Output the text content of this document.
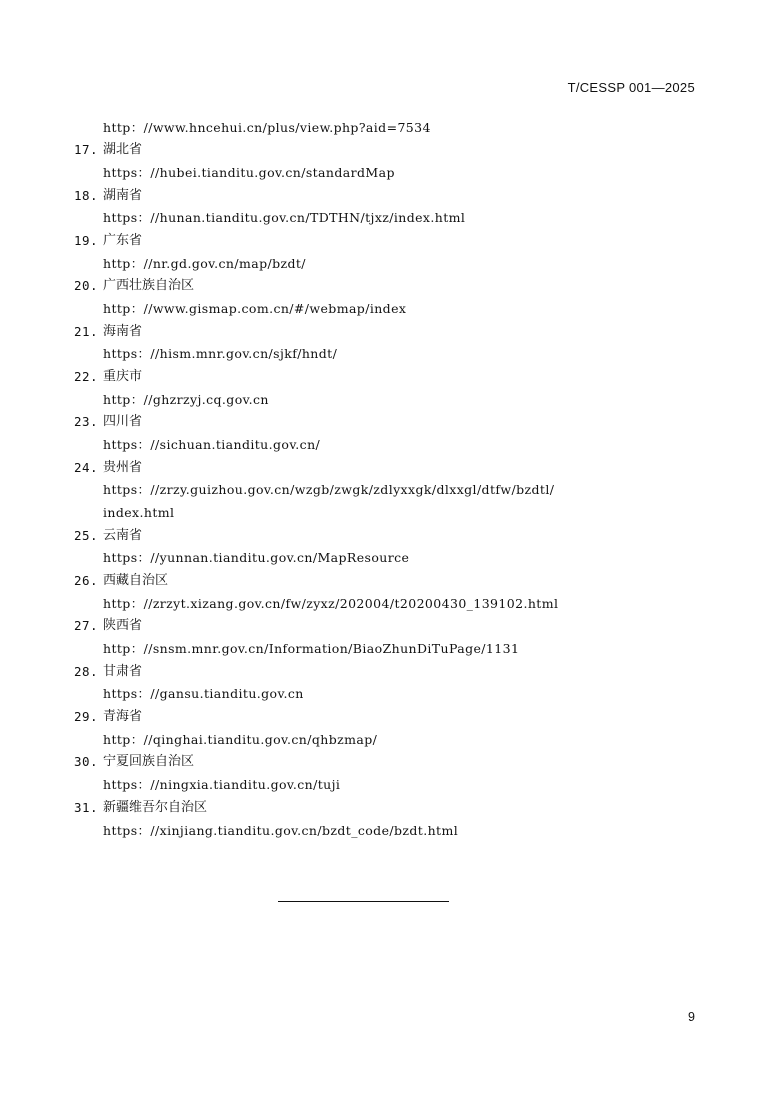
T/CESSP 001—2025
http：//www.hncehui.cn/plus/view.php?aid=7534
17. 湖北省
https：//hubei.tianditu.gov.cn/standardMap
18. 湖南省
https：//hunan.tianditu.gov.cn/TDTHN/tjxz/index.html
19. 广东省
http：//nr.gd.gov.cn/map/bzdt/
20. 广西壮族自治区
http：//www.gismap.com.cn/#/webmap/index
21. 海南省
https：//hism.mnr.gov.cn/sjkf/hndt/
22. 重庆市
http：//ghzrzyj.cq.gov.cn
23. 四川省
https：//sichuan.tianditu.gov.cn/
24. 贵州省
https：//zrzy.guizhou.gov.cn/wzgb/zwgk/zdlyxxgk/dlxxgl/dtfw/bzdtl/
index.html
25. 云南省
https：//yunnan.tianditu.gov.cn/MapResource
26. 西藏自治区
http：//zrzyt.xizang.gov.cn/fw/zyxz/202004/t20200430_139102.html
27. 陕西省
http：//snsm.mnr.gov.cn/Information/BiaoZhunDiTuPage/1131
28. 甘肃省
https：//gansu.tianditu.gov.cn
29. 青海省
http：//qinghai.tianditu.gov.cn/qhbzmap/
30. 宁夏回族自治区
https：//ningxia.tianditu.gov.cn/tuji
31. 新疆维吾尔自治区
https：//xinjiang.tianditu.gov.cn/bzdt_code/bzdt.html
9
